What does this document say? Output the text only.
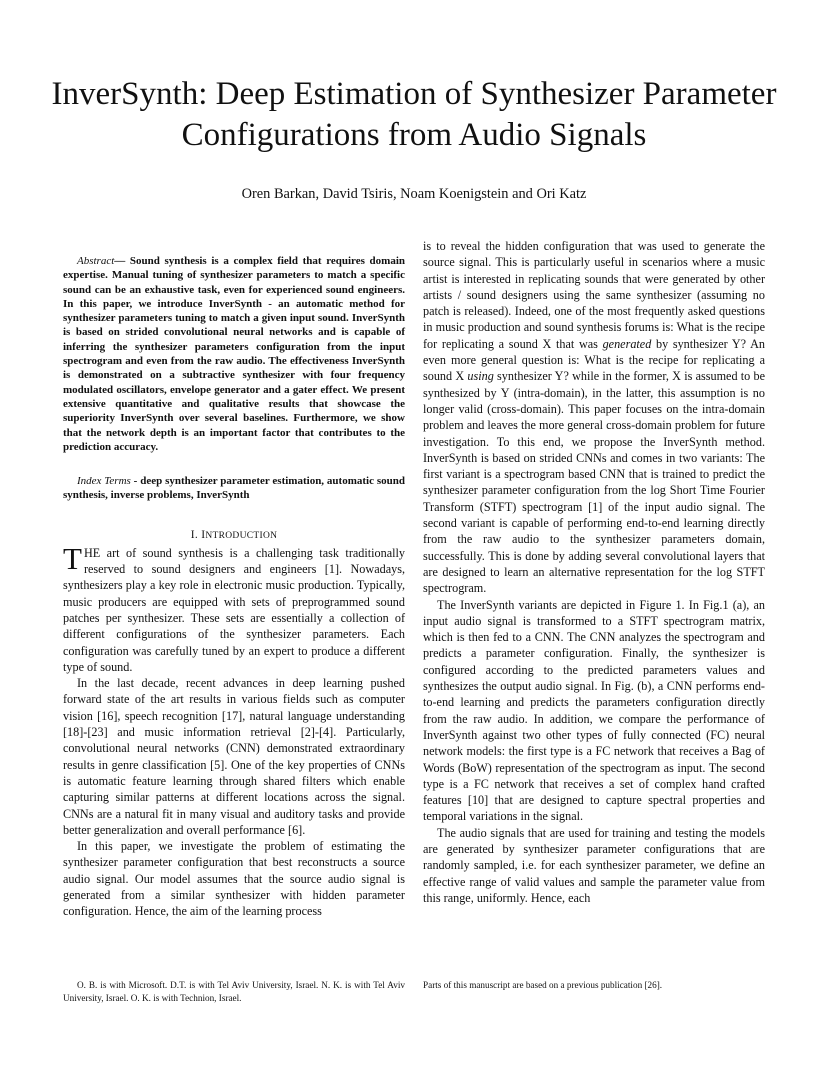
InverSynth: Deep Estimation of Synthesizer Parameter
Configurations from Audio Signals
Oren Barkan, David Tsiris, Noam Koenigstein and Ori Katz

Abstract— Sound synthesis is a complex field that requires domain expertise. Manual tuning of synthesizer parameters to match a specific sound can be an exhaustive task, even for experienced sound engineers. In this paper, we introduce InverSynth - an automatic method for synthesizer parameters tuning to match a given input sound. InverSynth is based on strided convolutional neural networks and is capable of inferring the synthesizer parameters configuration from the input spectrogram and even from the raw audio. The effectiveness InverSynth is demonstrated on a subtractive synthesizer with four frequency modulated oscillators, envelope generator and a gater effect. We present extensive quantitative and qualitative results that showcase the superiority InverSynth over several baselines. Furthermore, we show that the network depth is an important factor that contributes to the prediction accuracy.

Index Terms - deep synthesizer parameter estimation, automatic sound synthesis, inverse problems, InverSynth

I. INTRODUCTION

THE art of sound synthesis is a challenging task traditionally reserved to sound designers and engineers [1]. Nowadays, synthesizers play a key role in electronic music production. Typically, music producers are equipped with sets of preprogrammed sound patches per synthesizer. These sets are essentially a collection of different configurations of the synthesizer parameters. Each configuration was carefully tuned by an expert to produce a different type of sound.

In the last decade, recent advances in deep learning pushed forward state of the art results in various fields such as computer vision [16], speech recognition [17], natural language understanding [18]-[23] and music information retrieval [2]-[4]. Particularly, convolutional neural networks (CNN) demonstrated extraordinary results in genre classification [5]. One of the key properties of CNNs is automatic feature learning through shared filters which enable capturing similar patterns at different locations across the signal. CNNs are a natural fit in many visual and auditory tasks and provide better generalization and overall performance [6].

In this paper, we investigate the problem of estimating the synthesizer parameter configuration that best reconstructs a source audio signal. Our model assumes that the source audio signal is generated from a similar synthesizer with hidden parameter configuration. Hence, the aim of the learning process

is to reveal the hidden configuration that was used to generate the source signal. This is particularly useful in scenarios where a music artist is interested in replicating sounds that were generated by other artists / sound designers using the same synthesizer (assuming no patch is released). Indeed, one of the most frequently asked questions in music production and sound synthesis forums is: What is the recipe for replicating a sound X that was generated by synthesizer Y? An even more general question is: What is the recipe for replicating a sound X using synthesizer Y? while in the former, X is assumed to be synthesized by Y (intra-domain), in the latter, this assumption is no longer valid (cross-domain). This paper focuses on the intra-domain problem and leaves the more general cross-domain problem for future investigation. To this end, we propose the InverSynth method. InverSynth is based on strided CNNs and comes in two variants: The first variant is a spectrogram based CNN that is trained to predict the synthesizer parameter configuration from the log Short Time Fourier Transform (STFT) spectrogram [1] of the input audio signal. The second variant is capable of performing end-to-end learning directly from the raw audio to the synthesizer parameters domain, successfully. This is done by adding several convolutional layers that are designed to learn an alternative representation for the log STFT spectrogram.

The InverSynth variants are depicted in Figure 1. In Fig.1 (a), an input audio signal is transformed to a STFT spectrogram matrix, which is then fed to a CNN. The CNN analyzes the spectrogram and predicts a parameter configuration. Finally, the synthesizer is configured according to the predicted parameters values and synthesizes the output audio signal. In Fig. (b), a CNN performs end-to-end learning and predicts the parameters configuration directly from the raw audio. In addition, we compare the performance of InverSynth against two other types of fully connected (FC) neural network models: the first type is a FC network that receives a Bag of Words (BoW) representation of the spectrogram as input. The second type is a FC network that receives a set of complex hand crafted features [10] that are designed to capture spectral properties and temporal variations in the signal.

The audio signals that are used for training and testing the models are generated by synthesizer parameter configurations that are randomly sampled, i.e. for each synthesizer parameter, we define an effective range of valid values and sample the parameter value from this range, uniformly. Hence, each

O. B. is with Microsoft. D.T. is with Tel Aviv University, Israel. N. K. is with Tel Aviv University, Israel. O. K. is with Technion, Israel.
Parts of this manuscript are based on a previous publication [26].
